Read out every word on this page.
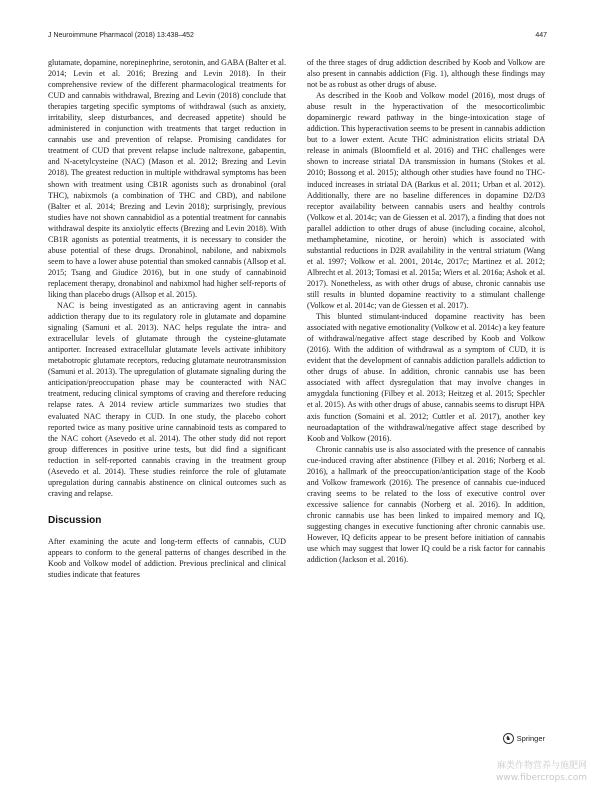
J Neuroimmune Pharmacol (2018) 13:438–452	447

glutamate, dopamine, norepinephrine, serotonin, and GABA (Balter et al. 2014; Levin et al. 2016; Brezing and Levin 2018). In their comprehensive review of the different pharmacological treatments for CUD and cannabis withdrawal, Brezing and Levin (2018) conclude that therapies targeting specific symptoms of withdrawal (such as anxiety, irritability, sleep disturbances, and decreased appetite) should be administered in conjunction with treatments that target reduction in cannabis use and prevention of relapse. Promising candidates for treatment of CUD that prevent relapse include naltrexone, gabapentin, and N-acetylcysteine (NAC) (Mason et al. 2012; Brezing and Levin 2018). The greatest reduction in multiple withdrawal symptoms has been shown with treatment using CB1R agonists such as dronabinol (oral THC), nabixmols (a combination of THC and CBD), and nabilone (Balter et al. 2014; Brezing and Levin 2018); surprisingly, previous studies have not shown cannabidiol as a potential treatment for cannabis withdrawal despite its anxiolytic effects (Brezing and Levin 2018). With CB1R agonists as potential treatments, it is necessary to consider the abuse potential of these drugs. Dronabinol, nabilone, and nabixmols seem to have a lower abuse potential than smoked cannabis (Allsop et al. 2015; Tsang and Giudice 2016), but in one study of cannabinoid replacement therapy, dronabinol and nabixmol had higher self-reports of liking than placebo drugs (Allsop et al. 2015).

NAC is being investigated as an anticraving agent in cannabis addiction therapy due to its regulatory role in glutamate and dopamine signaling (Samuni et al. 2013). NAC helps regulate the intra- and extracellular levels of glutamate through the cysteine-glutamate antiporter. Increased extracellular glutamate levels activate inhibitory metabotropic glutamate receptors, reducing glutamate neurotransmission (Samuni et al. 2013). The upregulation of glutamate signaling during the anticipation/preoccupation phase may be counteracted with NAC treatment, reducing clinical symptoms of craving and therefore reducing relapse rates. A 2014 review article summarizes two studies that evaluated NAC therapy in CUD. In one study, the placebo cohort reported twice as many positive urine cannabinoid tests as compared to the NAC cohort (Asevedo et al. 2014). The other study did not report group differences in positive urine tests, but did find a significant reduction in self-reported cannabis craving in the treatment group (Asevedo et al. 2014). These studies reinforce the role of glutamate upregulation during cannabis abstinence on clinical outcomes such as craving and relapse.

Discussion

After examining the acute and long-term effects of cannabis, CUD appears to conform to the general patterns of changes described in the Koob and Volkow model of addiction. Previous preclinical and clinical studies indicate that features

of the three stages of drug addiction described by Koob and Volkow are also present in cannabis addiction (Fig. 1), although these findings may not be as robust as other drugs of abuse.

As described in the Koob and Volkow model (2016), most drugs of abuse result in the hyperactivation of the mesocorticolimbic dopaminergic reward pathway in the binge-intoxication stage of addiction. This hyperactivation seems to be present in cannabis addiction but to a lower extent. Acute THC administration elicits striatal DA release in animals (Bloomfield et al. 2016) and THC challenges were shown to increase striatal DA transmission in humans (Stokes et al. 2010; Bossong et al. 2015); although other studies have found no THC-induced increases in striatal DA (Barkus et al. 2011; Urban et al. 2012). Additionally, there are no baseline differences in dopamine D2/D3 receptor availability between cannabis users and healthy controls (Volkow et al. 2014c; van de Giessen et al. 2017), a finding that does not parallel addiction to other drugs of abuse (including cocaine, alcohol, methamphetamine, nicotine, or heroin) which is associated with substantial reductions in D2R availability in the ventral striatum (Wang et al. 1997; Volkow et al. 2001, 2014c, 2017c; Martinez et al. 2012; Albrecht et al. 2013; Tomasi et al. 2015a; Wiers et al. 2016a; Ashok et al. 2017). Nonetheless, as with other drugs of abuse, chronic cannabis use still results in blunted dopamine reactivity to a stimulant challenge (Volkow et al. 2014c; van de Giessen et al. 2017).

This blunted stimulant-induced dopamine reactivity has been associated with negative emotionality (Volkow et al. 2014c) a key feature of withdrawal/negative affect stage described by Koob and Volkow (2016). With the addition of withdrawal as a symptom of CUD, it is evident that the development of cannabis addiction parallels addiction to other drugs of abuse. In addition, chronic cannabis use has been associated with affect dysregulation that may involve changes in amygdala functioning (Filbey et al. 2013; Heitzeg et al. 2015; Spechler et al. 2015). As with other drugs of abuse, cannabis seems to disrupt HPA axis function (Somaini et al. 2012; Cuttler et al. 2017), another key neuroadaptation of the withdrawal/negative affect stage described by Koob and Volkow (2016).

Chronic cannabis use is also associated with the presence of cannabis cue-induced craving after abstinence (Filbey et al. 2016; Norberg et al. 2016), a hallmark of the preoccupation/anticipation stage of the Koob and Volkow framework (2016). The presence of cannabis cue-induced craving seems to be related to the loss of executive control over excessive salience for cannabis (Norberg et al. 2016). In addition, chronic cannabis use has been linked to impaired memory and IQ, suggesting changes in executive functioning after chronic cannabis use. However, IQ deficits appear to be present before initiation of cannabis use which may suggest that lower IQ could be a risk factor for cannabis addiction (Jackson et al. 2016).

♞ Springer
麻类作物营养与施肥网
www.fibercrops.com
